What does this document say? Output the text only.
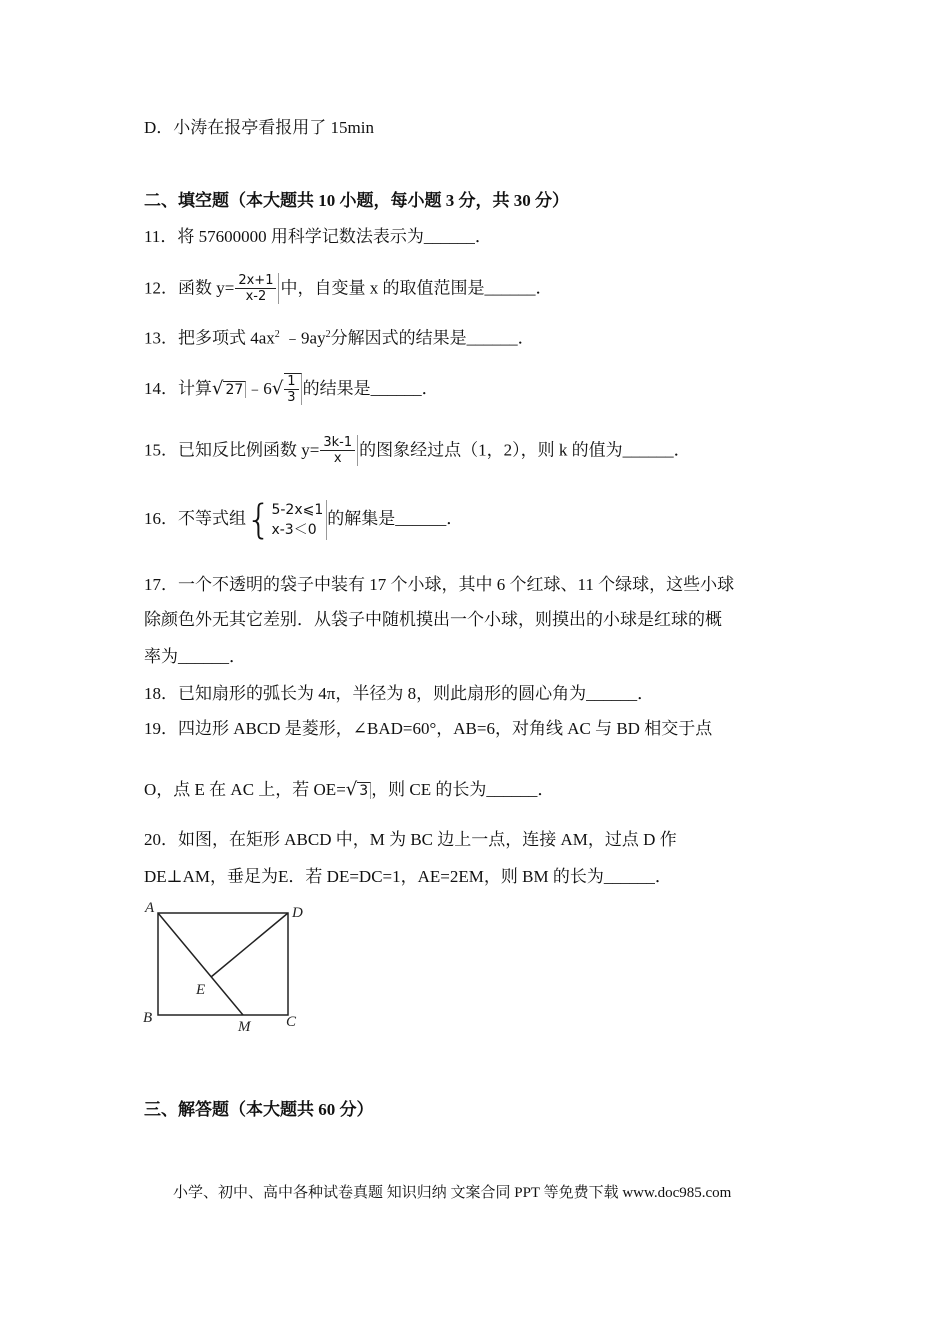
D．小涛在报亭看报用了 15min
二、填空题（本大题共 10 小题，每小题 3 分，共 30 分）
11．将 57600000 用科学记数法表示为______．
12．函数 $y= \frac{2x+1}{x-2}$ 中，自变量 x 的取值范围是______．
13．把多项式 $4ax^2$ $﹣9ay^2$分解因式的结果是______．
14．计算√ 27 ﹣6√ $\frac{1}{3}$ 的结果是______．
15．已知反比例函数 $y= \frac{3k-1}{x}$ 的图象经过点（1，2），则 k 的值为______．
16．不等式组{ 5-2x⩽1
x-3＜0
的解集是______．
17．一个不透明的袋子中装有 17 个小球，其中 6 个红球、11 个绿球，这些小球
除颜色外无其它差别．从袋子中随机摸出一个小球，则摸出的小球是红球的概
率为______．
18．已知扇形的弧长为 4π，半径为 8，则此扇形的圆心角为______．
19．四边形 ABCD 是菱形，∠BAD=60°，AB=6，对角线 AC 与 BD 相交于点
O，点 E 在 AC 上，若 OE=√ 3 ，则 CE 的长为______．
20．如图，在矩形 ABCD 中，M 为 BC 边上一点，连接 AM，过点 D 作
DE⊥AM，垂足为E．若 DE=DC=1，AE=2EM，则 BM 的长为______．
A	D
B	C
E
M
三、解答题（本大题共 60 分）
小学、初中、高中各种试卷真题 知识归纳 文案合同 PPT 等免费下载 www.doc985.com
